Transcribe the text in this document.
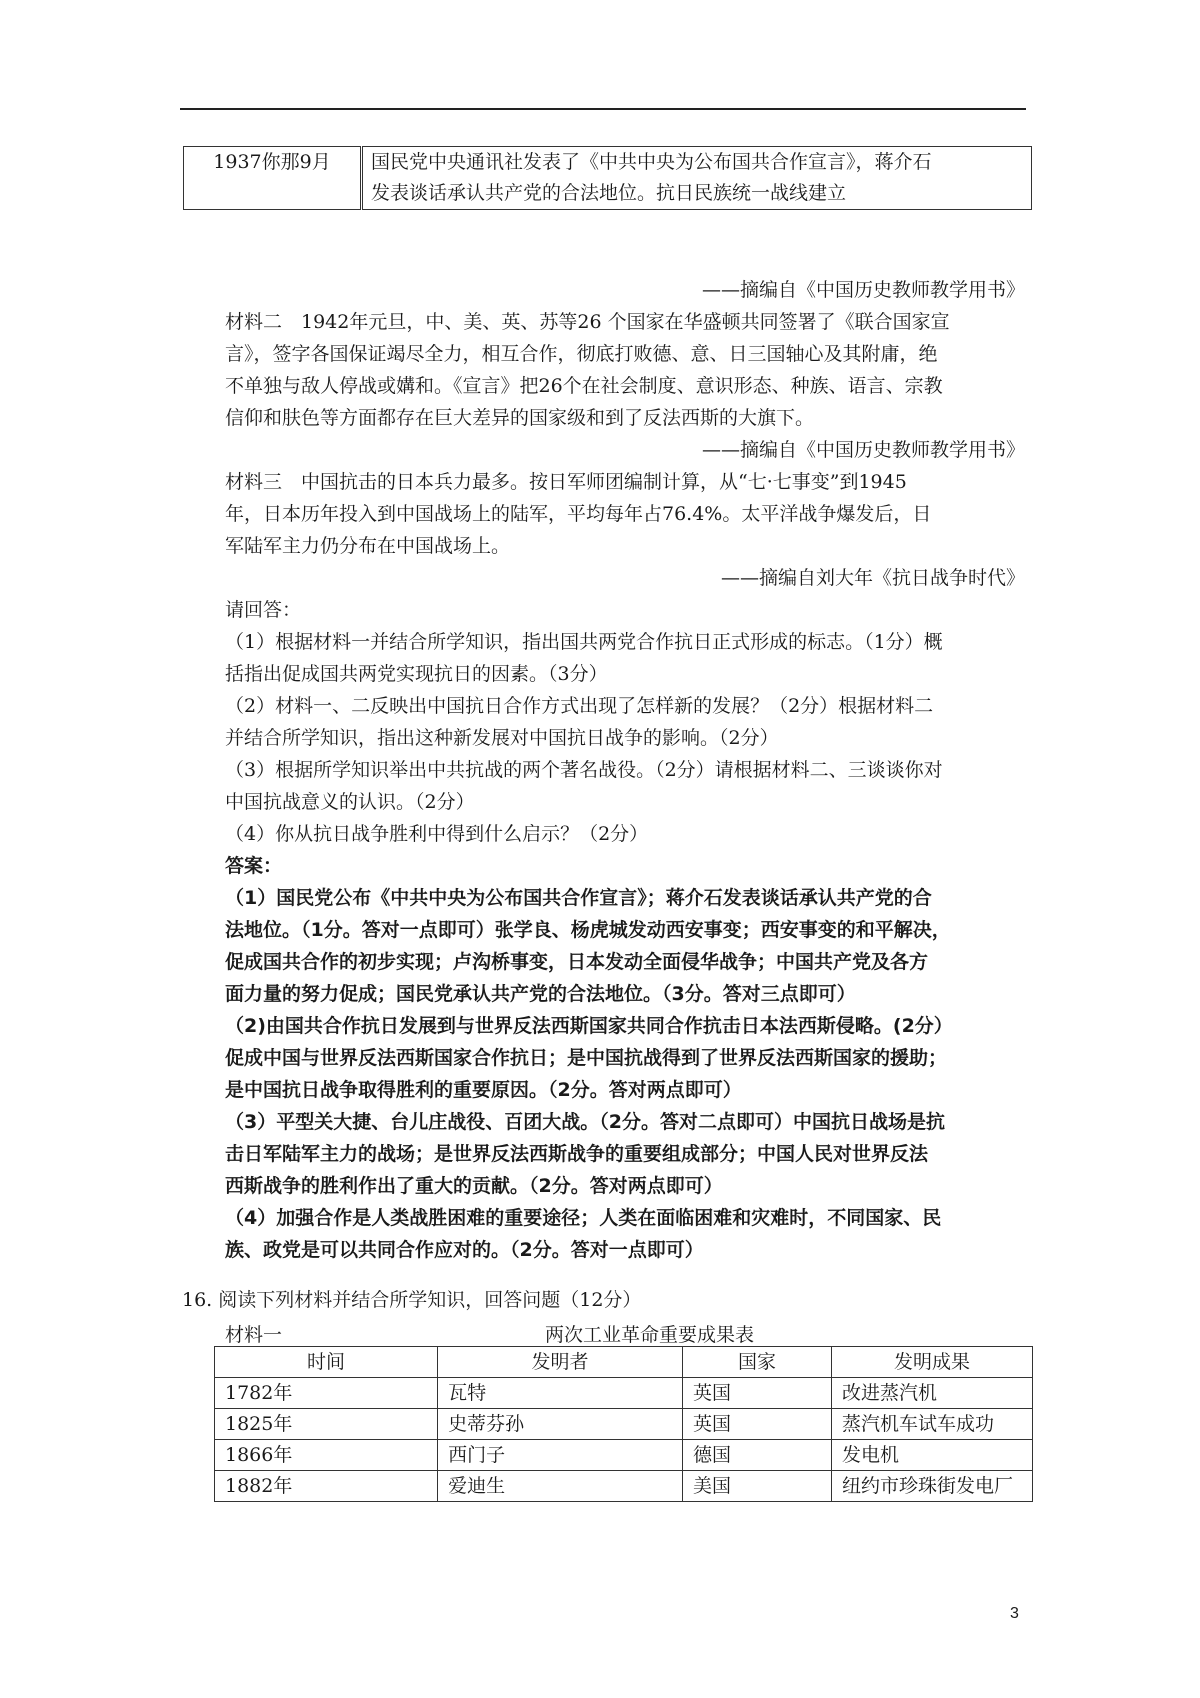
1937你那9月	国民党中央通讯社发表了《中共中央为公布国共合作宣言》，蒋介石
发表谈话承认共产党的合法地位。抗日民族统一战线建立
——摘编自《中国历史教师教学用书》
材料二　1942年元旦，中、美、英、苏等26 个国家在华盛顿共同签署了《联合国家宣
言》，签字各国保证竭尽全力，相互合作，彻底打败德、意、日三国轴心及其附庸，绝
不单独与敌人停战或媾和。《宣言》把26个在社会制度、意识形态、种族、语言、宗教
信仰和肤色等方面都存在巨大差异的国家级和到了反法西斯的大旗下。
——摘编自《中国历史教师教学用书》
材料三　中国抗击的日本兵力最多。按日军师团编制计算，从“七·七事变”到1945
年，日本历年投入到中国战场上的陆军，平均每年占76.4%。太平洋战争爆发后，日
军陆军主力仍分布在中国战场上。
——摘编自刘大年《抗日战争时代》
请回答：
（1）根据材料一并结合所学知识，指出国共两党合作抗日正式形成的标志。（1分）概
括指出促成国共两党实现抗日的因素。（3分）
（2）材料一、二反映出中国抗日合作方式出现了怎样新的发展？（2分）根据材料二
并结合所学知识，指出这种新发展对中国抗日战争的影响。（2分）
（3）根据所学知识举出中共抗战的两个著名战役。（2分）请根据材料二、三谈谈你对
中国抗战意义的认识。（2分）
（4）你从抗日战争胜利中得到什么启示？（2分）
答案：
（1）国民党公布《中共中央为公布国共合作宣言》；蒋介石发表谈话承认共产党的合
法地位。（1分。答对一点即可）张学良、杨虎城发动西安事变；西安事变的和平解决，
促成国共合作的初步实现；卢沟桥事变，日本发动全面侵华战争；中国共产党及各方
面力量的努力促成；国民党承认共产党的合法地位。（3分。答对三点即可）
（2)由国共合作抗日发展到与世界反法西斯国家共同合作抗击日本法西斯侵略。(2分）
促成中国与世界反法西斯国家合作抗日；是中国抗战得到了世界反法西斯国家的援助；
是中国抗日战争取得胜利的重要原因。（2分。答对两点即可）
（3）平型关大捷、台儿庄战役、百团大战。（2分。答对二点即可）中国抗日战场是抗
击日军陆军主力的战场；是世界反法西斯战争的重要组成部分；中国人民对世界反法
西斯战争的胜利作出了重大的贡献。（2分。答对两点即可）
（4）加强合作是人类战胜困难的重要途径；人类在面临困难和灾难时，不同国家、民
族、政党是可以共同合作应对的。（2分。答对一点即可）
16. 阅读下列材料并结合所学知识，回答问题（12分）
材料一	两次工业革命重要成果表
时间	发明者	国家	发明成果
1782年	瓦特	英国	改进蒸汽机
1825年	史蒂芬孙	英国	蒸汽机车试车成功
1866年	西门子	德国	发电机
1882年	爱迪生	美国	纽约市珍珠街发电厂
3
